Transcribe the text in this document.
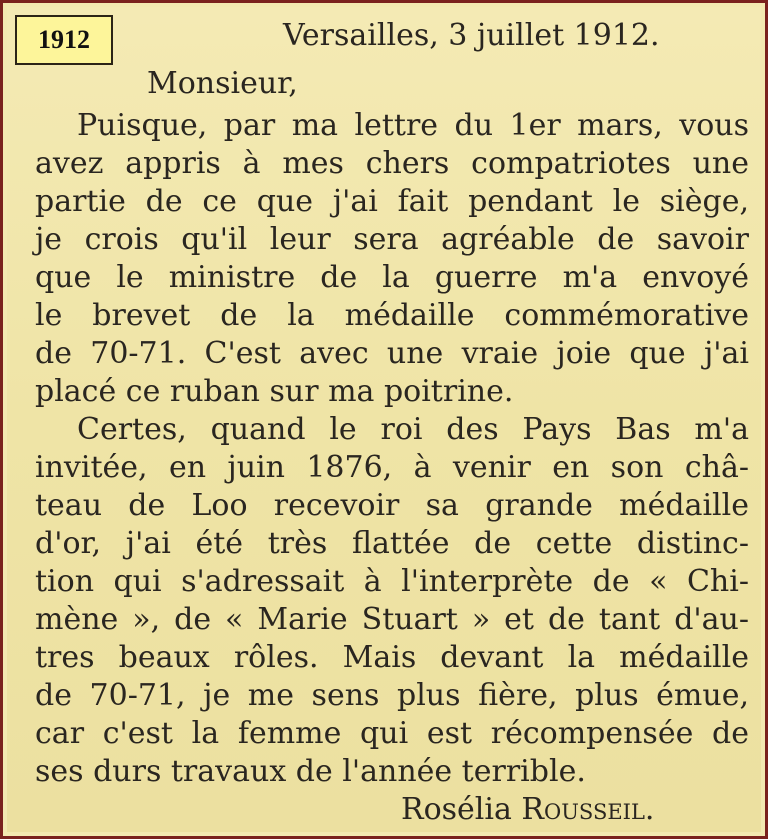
1912	Versailles, 3 juillet 1912.
Monsieur,
Puisque, par ma lettre du 1er mars, vous
avez appris à mes chers compatriotes une
partie de ce que j'ai fait pendant le siège,
je crois qu'il leur sera agréable de savoir
que le ministre de la guerre m'a envoyé
le brevet de la médaille commémorative
de 70-71. C'est avec une vraie joie que j'ai
placé ce ruban sur ma poitrine.
Certes, quand le roi des Pays Bas m'a
invitée, en juin 1876, à venir en son châ-
teau de Loo recevoir sa grande médaille
d'or, j'ai été très flattée de cette distinc-
tion qui s'adressait à l'interprète de « Chi-
mène », de « Marie Stuart » et de tant d'au-
tres beaux rôles. Mais devant la médaille
de 70-71, je me sens plus fière, plus émue,
car c'est la femme qui est récompensée de
ses durs travaux de l'année terrible.
Rosélia Rousseil.
